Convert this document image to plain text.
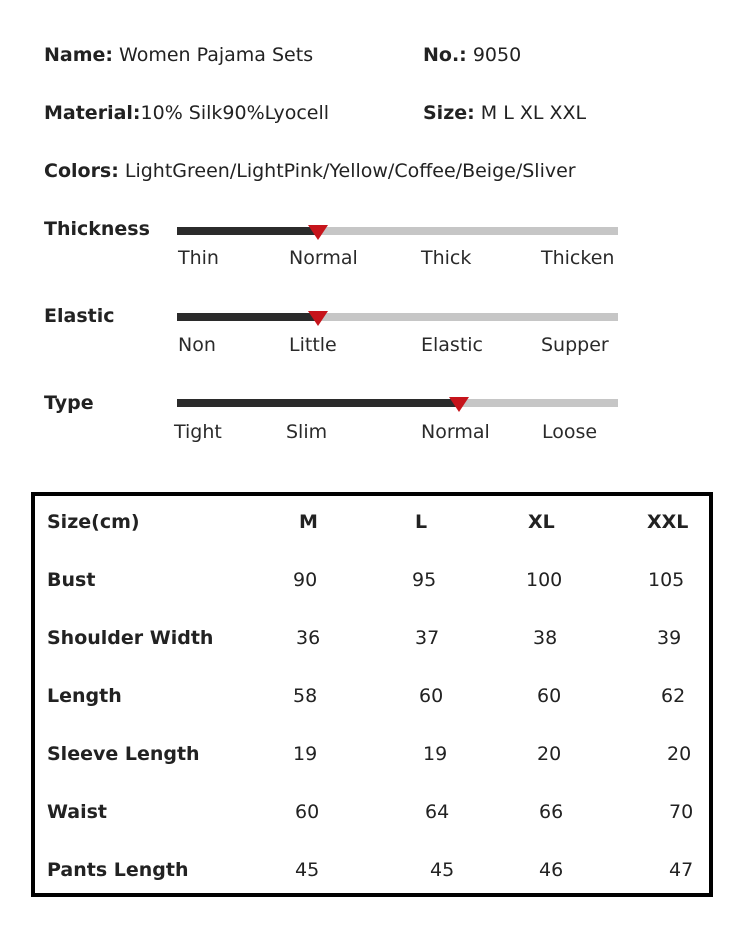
Name: Women Pajama Sets	No.: 9050
Material:10% Silk90%Lyocell	Size: M L XL XXL
Colors: LightGreen/LightPink/Yellow/Coffee/Beige/Sliver
Thickness
Thin	Normal	Thick	Thicken
Elastic
Non	Little	Elastic	Supper
Type
Tight	Slim	Normal	Loose
Size(cm)	M	L	XL	XXL
Bust	90	95	100	105
Shoulder Width	36	37	38	39
Length	58	60	60	62
Sleeve Length	19	19	20	20
Waist	60	64	66	70
Pants Length	45	45	46	47
